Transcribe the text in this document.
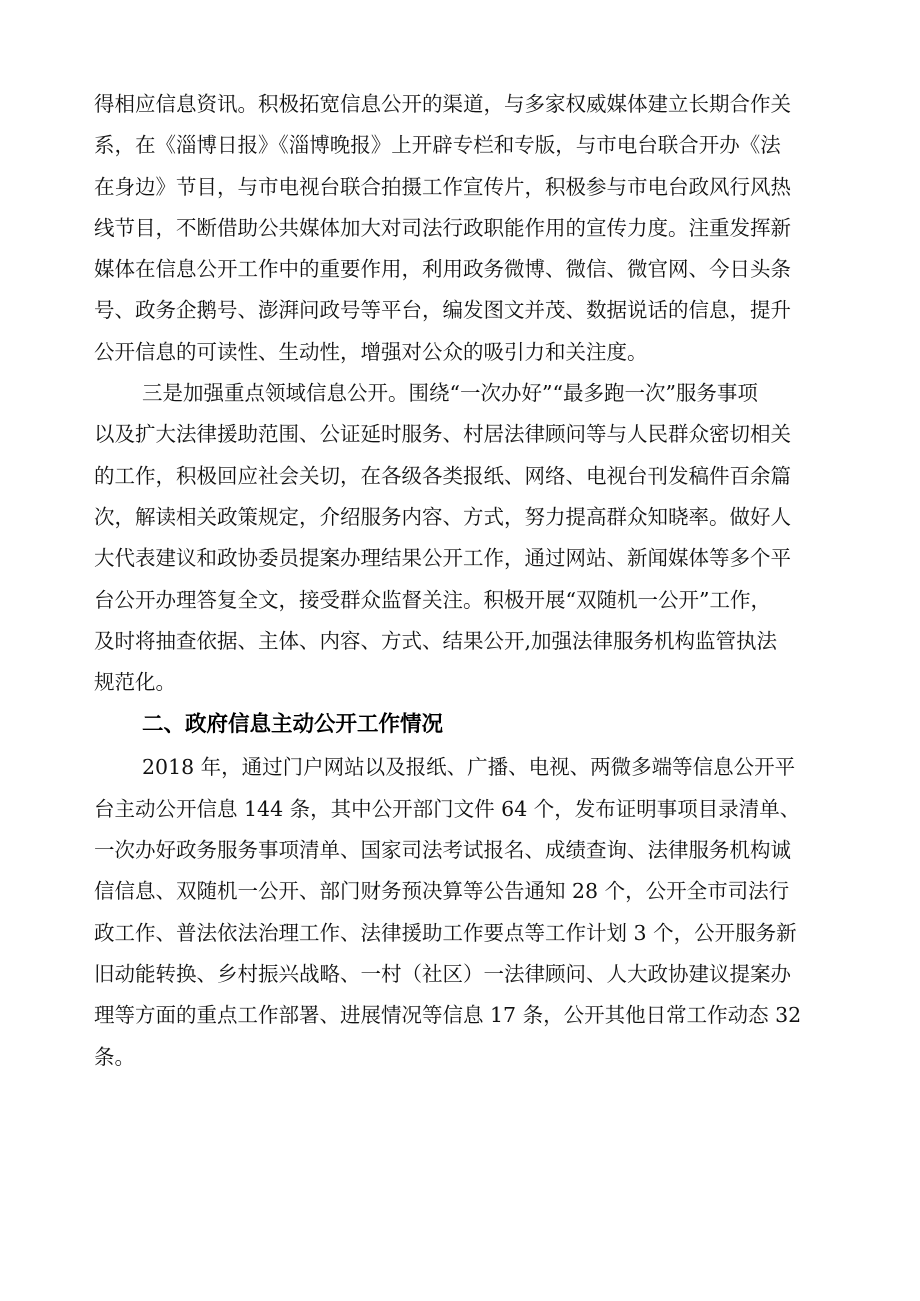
得相应信息资讯。积极拓宽信息公开的渠道，与多家权威媒体建立长期合作关
系，在《淄博日报》《淄博晚报》上开辟专栏和专版，与市电台联合开办《法
在身边》节目，与市电视台联合拍摄工作宣传片，积极参与市电台政风行风热
线节目，不断借助公共媒体加大对司法行政职能作用的宣传力度。注重发挥新
媒体在信息公开工作中的重要作用，利用政务微博、微信、微官网、今日头条
号、政务企鹅号、澎湃问政号等平台，编发图文并茂、数据说话的信息，提升
公开信息的可读性、生动性，增强对公众的吸引力和关注度。

三是加强重点领域信息公开。围绕“一次办好”“最多跑一次”服务事项
以及扩大法律援助范围、公证延时服务、村居法律顾问等与人民群众密切相关
的工作，积极回应社会关切，在各级各类报纸、网络、电视台刊发稿件百余篇
次，解读相关政策规定，介绍服务内容、方式，努力提高群众知晓率。做好人
大代表建议和政协委员提案办理结果公开工作，通过网站、新闻媒体等多个平
台公开办理答复全文，接受群众监督关注。积极开展“双随机一公开”工作，
及时将抽查依据、主体、内容、方式、结果公开,加强法律服务机构监管执法
规范化。

二、政府信息主动公开工作情况

2018 年，通过门户网站以及报纸、广播、电视、两微多端等信息公开平
台主动公开信息 144 条，其中公开部门文件 64 个，发布证明事项目录清单、
一次办好政务服务事项清单、国家司法考试报名、成绩查询、法律服务机构诚
信信息、双随机一公开、部门财务预决算等公告通知 28 个，公开全市司法行
政工作、普法依法治理工作、法律援助工作要点等工作计划 3 个，公开服务新
旧动能转换、乡村振兴战略、一村（社区）一法律顾问、人大政协建议提案办
理等方面的重点工作部署、进展情况等信息 17 条，公开其他日常工作动态 32
条。
